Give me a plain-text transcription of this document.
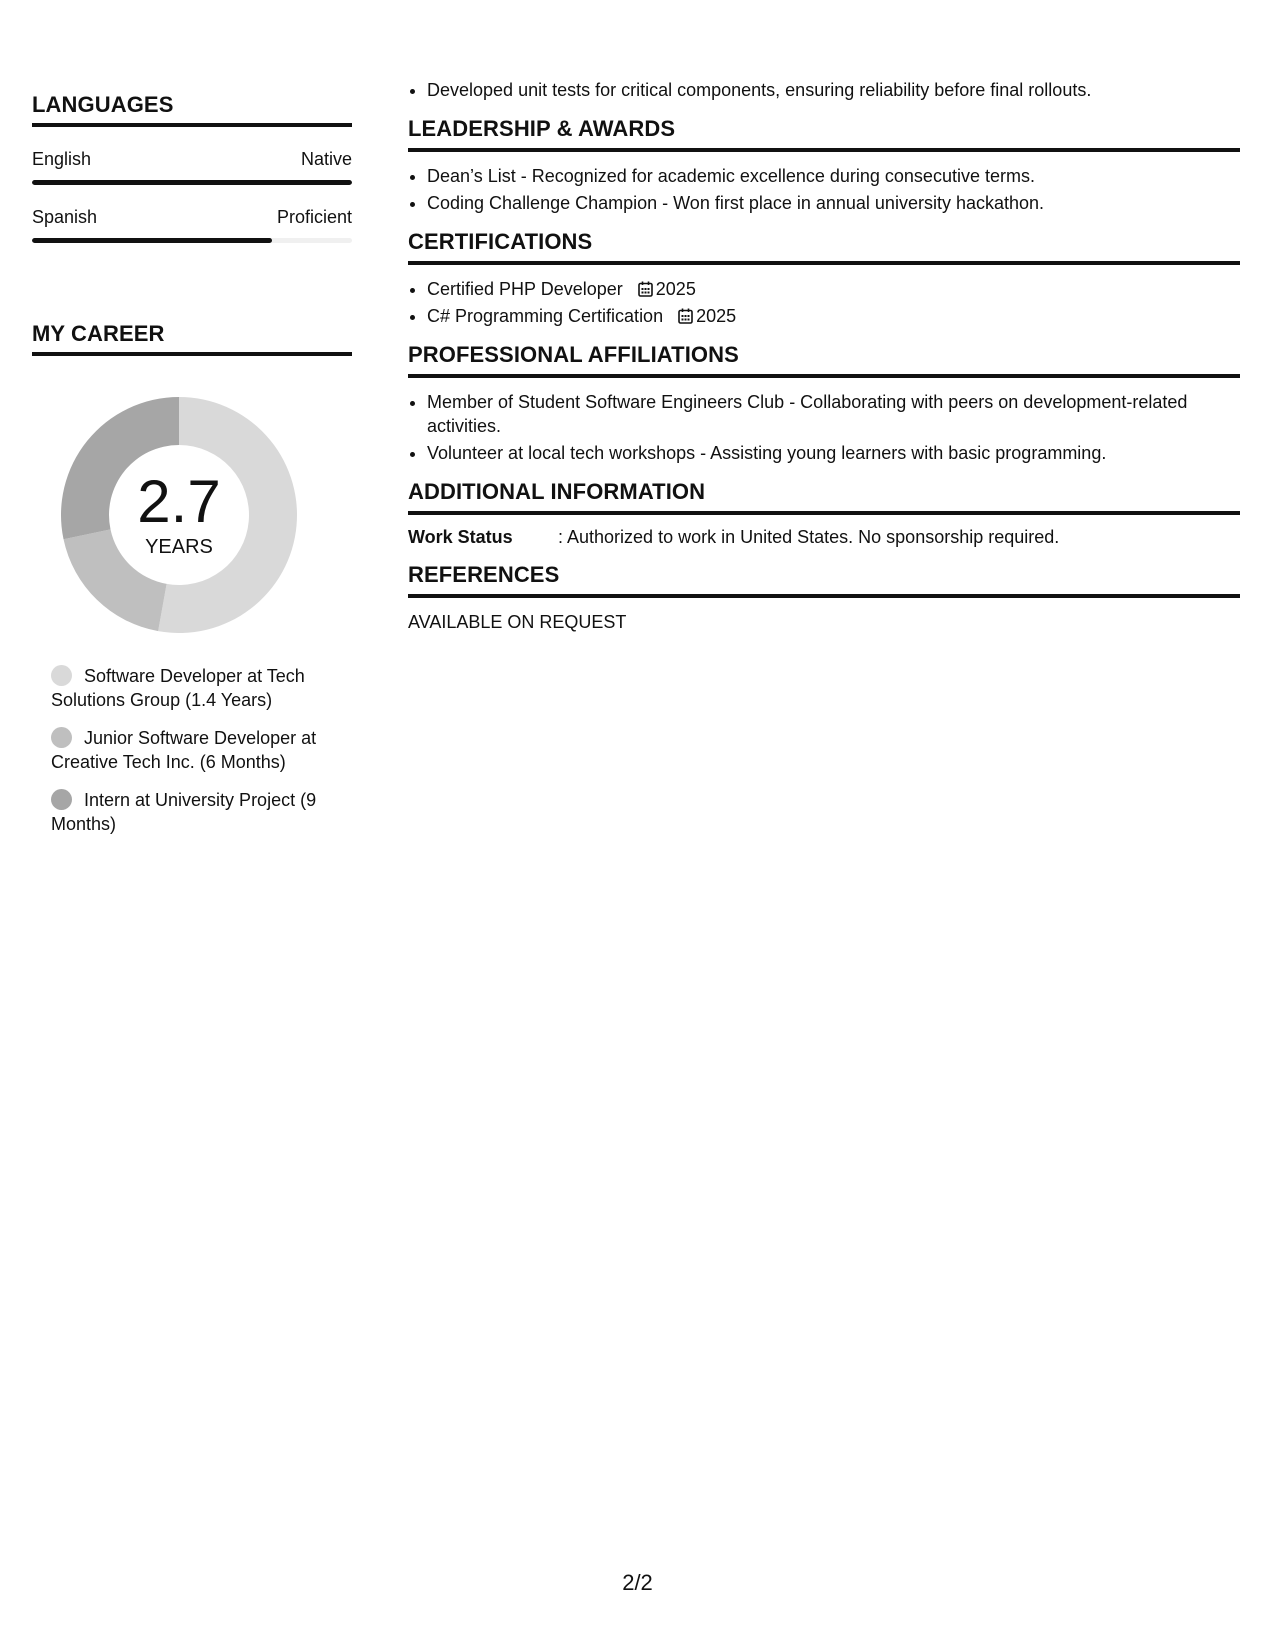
LANGUAGES
English	Native
Spanish	Proficient
MY CAREER
2.7
YEARS
Software Developer at Tech Solutions Group (1.4 Years)
Junior Software Developer at Creative Tech Inc. (6 Months)
Intern at University Project (9 Months)
• Developed unit tests for critical components, ensuring reliability before final rollouts.
LEADERSHIP & AWARDS
• Dean’s List - Recognized for academic excellence during consecutive terms.
• Coding Challenge Champion - Won first place in annual university hackathon.
CERTIFICATIONS
• Certified PHP Developer 2025
• C# Programming Certification 2025
PROFESSIONAL AFFILIATIONS
• Member of Student Software Engineers Club - Collaborating with peers on development-related activities.
• Volunteer at local tech workshops - Assisting young learners with basic programming.
ADDITIONAL INFORMATION
Work Status	: Authorized to work in United States. No sponsorship required.
REFERENCES
AVAILABLE ON REQUEST
2/2
